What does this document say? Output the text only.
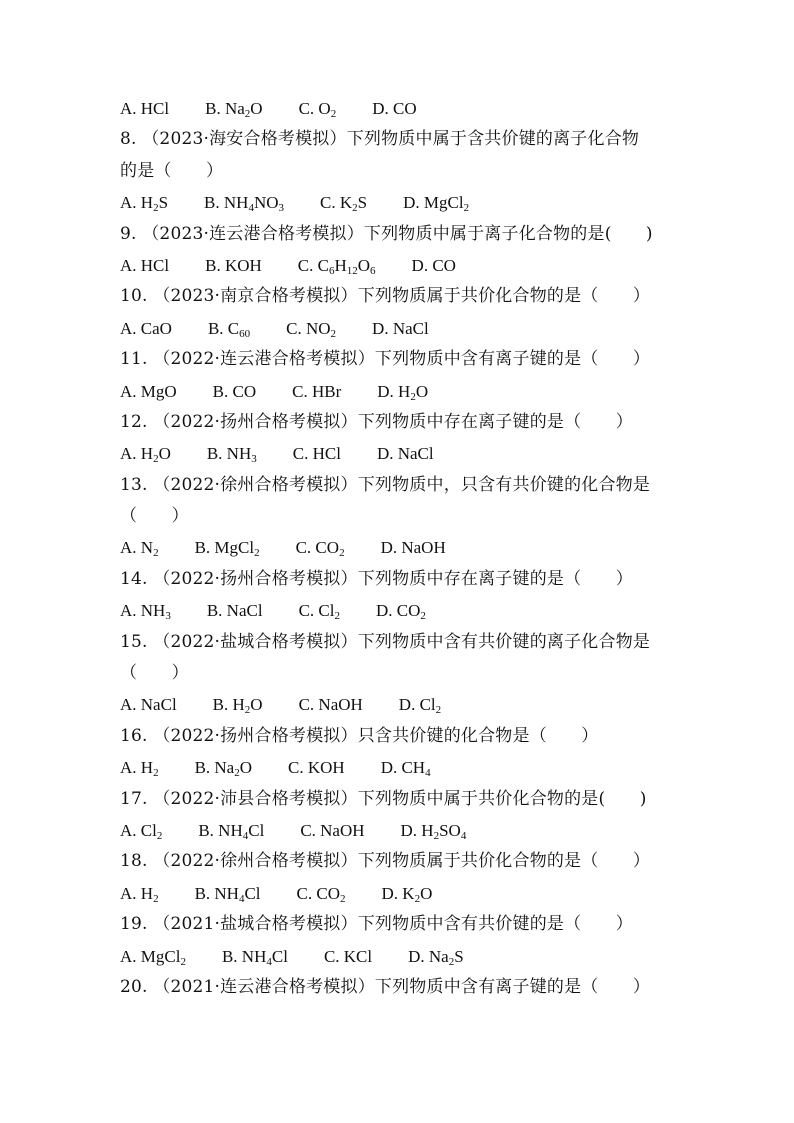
A. HCl B. $Na_2O$ C. $O_2$ D. CO
8. （2023·海安合格考模拟）下列物质中属于含共价键的离子化合物
的是（　　）
A. $H_2S$ B. $NH_4NO_3$ C. $K_2S$ D. MgCl$_2$
9. （2023·连云港合格考模拟）下列物质中属于离子化合物的是(　　)
A. HCl B. KOH C. $C_6H_{12}O_6$ D. CO
10. （2023·南京合格考模拟）下列物质属于共价化合物的是（　　）
A. CaO B. $C_{60}$ C. $NO_2$ D. NaCl
11. （2022·连云港合格考模拟）下列物质中含有离子键的是（　　）
A. MgO B. CO C. HBr D. $H_2O$
12. （2022·扬州合格考模拟）下列物质中存在离子键的是（　　）
A. $H_2O$ B. $NH_3$ C. HCl D. NaCl
13. （2022·徐州合格考模拟）下列物质中，只含有共价键的化合物是
（　　）
A. $N_2$ B. MgCl$_2$ C. $CO_2$ D. NaOH
14. （2022·扬州合格考模拟）下列物质中存在离子键的是（　　）
A. $NH_3$ B. NaCl C. $Cl_2$ D. $CO_2$
15. （2022·盐城合格考模拟）下列物质中含有共价键的离子化合物是
（　　）
A. NaCl B. $H_2O$ C. NaOH D. $Cl_2$
16. （2022·扬州合格考模拟）只含共价键的化合物是（　　）
A. $H_2$ B. $Na_2O$ C. KOH D. $CH_4$
17. （2022·沛县合格考模拟）下列物质中属于共价化合物的是(　　)
A. $Cl_2$ B. $NH_4Cl$ C. NaOH D. $H_2SO_4$
18. （2022·徐州合格考模拟）下列物质属于共价化合物的是（　　）
A. $H_2$ B. $NH_4Cl$ C. $CO_2$ D. $K_2O$
19. （2021·盐城合格考模拟）下列物质中含有共价键的是（　　）
A. MgCl$_2$ B. $NH_4Cl$ C. KCl D. $Na_2S$
20. （2021·连云港合格考模拟）下列物质中含有离子键的是（　　）
